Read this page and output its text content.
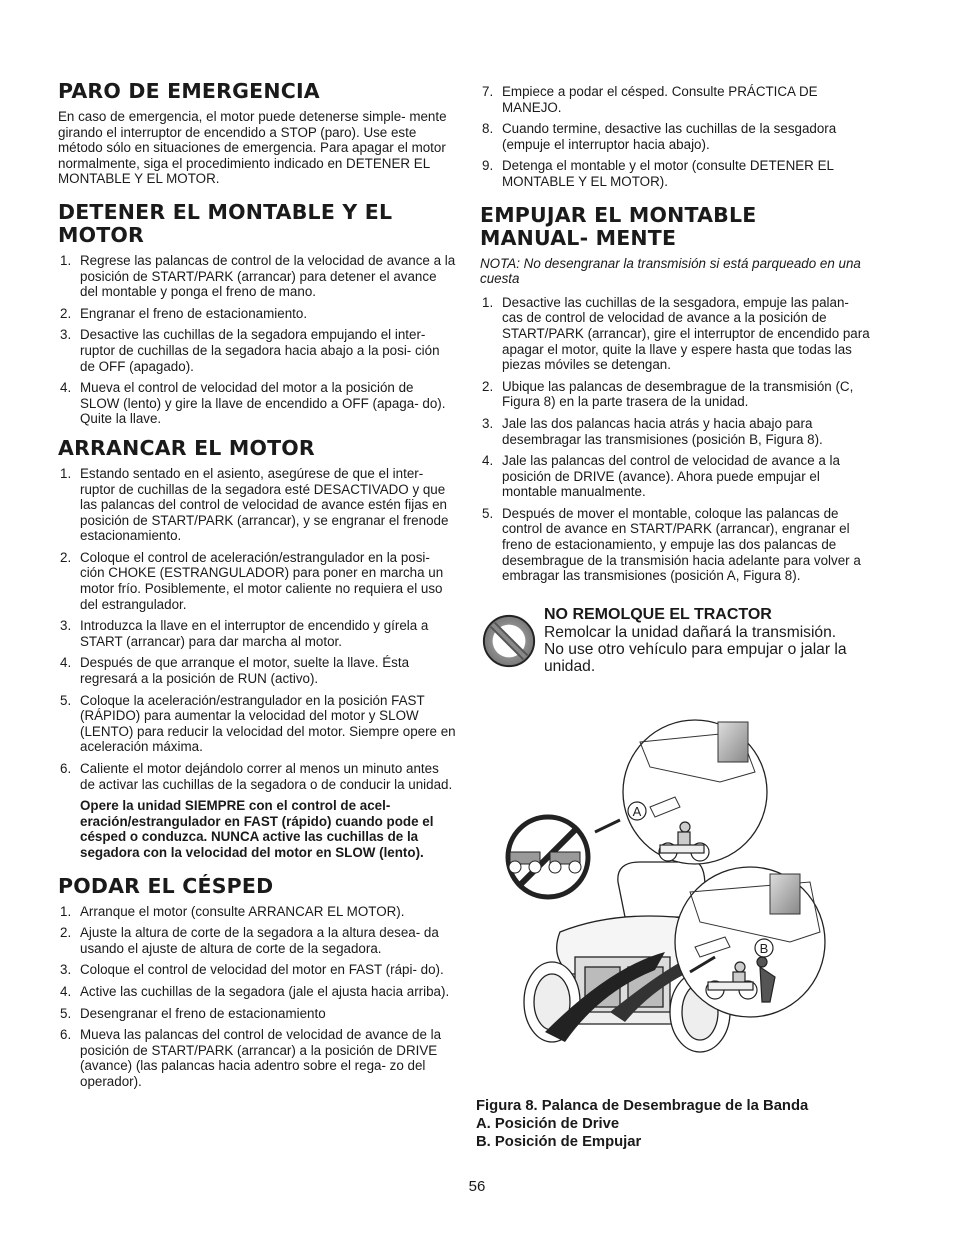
PARO DE EMERGENCIA

En caso de emergencia, el motor puede detenerse simple- mente girando el interruptor de encendido a STOP (paro). Use este método sólo en situaciones de emergencia. Para apagar el motor normalmente, siga el procedimiento indicado en DETENER EL MONTABLE Y EL MOTOR.

DETENER EL MONTABLE Y EL MOTOR
1. Regrese las palancas de control de la velocidad de avance a la posición de START/PARK (arrancar) para detener el avance del montable y ponga el freno de mano.
2. Engranar el freno de estacionamiento.
3. Desactive las cuchillas de la segadora empujando el inter- ruptor de cuchillas de la segadora hacia abajo a la posi- ción de OFF (apagado).
4. Mueva el control de velocidad del motor a la posición de SLOW (lento) y gire la llave de encendido a OFF (apaga- do). Quite la llave.
ARRANCAR EL MOTOR
1. Estando sentado en el asiento, asegúrese de que el inter- ruptor de cuchillas de la segadora esté DESACTIVADO y que las palancas del control de velocidad de avance estén fijas en posición de START/PARK (arrancar), y se engranar el frenode estacionamiento.
2. Coloque el control de aceleración/estrangulador en la posi- ción CHOKE (ESTRANGULADOR) para poner en marcha un motor frío. Posiblemente, el motor caliente no requiera el uso del estrangulador.
3. Introduzca la llave en el interruptor de encendido y gírela a START (arrancar) para dar marcha al motor.
4. Después de que arranque el motor, suelte la llave. Ésta regresará a la posición de RUN (activo).
5. Coloque la aceleración/estrangulador en la posición FAST (RÁPIDO) para aumentar la velocidad del motor y SLOW (LENTO) para reducir la velocidad del motor. Siempre opere en aceleración máxima.
6. Caliente el motor dejándolo correr al menos un minuto antes de activar las cuchillas de la segadora o de conducir la unidad.
Opere la unidad SIEMPRE con el control de acel- eración/estrangulador en FAST (rápido) cuando pode el césped o conduzca. NUNCA active las cuchillas de la segadora con la velocidad del motor en SLOW (lento).
PODAR EL CÉSPED
1. Arranque el motor (consulte ARRANCAR EL MOTOR).
2. Ajuste la altura de corte de la segadora a la altura desea- da usando el ajuste de altura de corte de la segadora.
3. Coloque el control de velocidad del motor en FAST (rápi- do).
4. Active las cuchillas de la segadora (jale el ajusta hacia arriba).
5. Desengranar el freno de estacionamiento
6. Mueva las palancas del control de velocidad de avance de la posición de START/PARK (arrancar) a la posición de DRIVE (avance) (las palancas hacia adentro sobre el rega- zo del operador).
7. Empiece a podar el césped. Consulte PRÁCTICA DE MANEJO.
8. Cuando termine, desactive las cuchillas de la sesgadora (empuje el interruptor hacia abajo).
9. Detenga el montable y el motor (consulte DETENER EL MONTABLE Y EL MOTOR).
EMPUJAR EL MONTABLE MANUAL- MENTE
NOTA: No desengranar la transmisión si está parqueado en una cuesta
1. Desactive las cuchillas de la sesgadora, empuje las palan- cas de control de velocidad de avance a la posición de START/PARK (arrancar), gire el interruptor de encendido para apagar el motor, quite la llave y espere hasta que todas las piezas móviles se detengan.
2. Ubique las palancas de desembrague de la transmisión (C, Figura 8) en la parte trasera de la unidad.
3. Jale las dos palancas hacia atrás y hacia abajo para desembragar las transmisiones (posición B, Figura 8).
4. Jale las palancas del control de velocidad de avance a la posición de DRIVE (avance). Ahora puede empujar el montable manualmente.
5. Después de mover el montable, coloque las palancas de control de avance en START/PARK (arrancar), engranar el freno de estacionamiento, y empuje las dos palancas de desembrague de la transmisión hacia adelante para volver a embragar las transmisiones (posición A, Figura 8).
NO REMOLQUE EL TRACTOR
Remolcar la unidad dañará la transmisión.
No use otro vehículo para empujar o jalar la unidad.
A
B
Figura 8. Palanca de Desembrague de la Banda
A. Posición de Drive
B. Posición de Empujar
56
